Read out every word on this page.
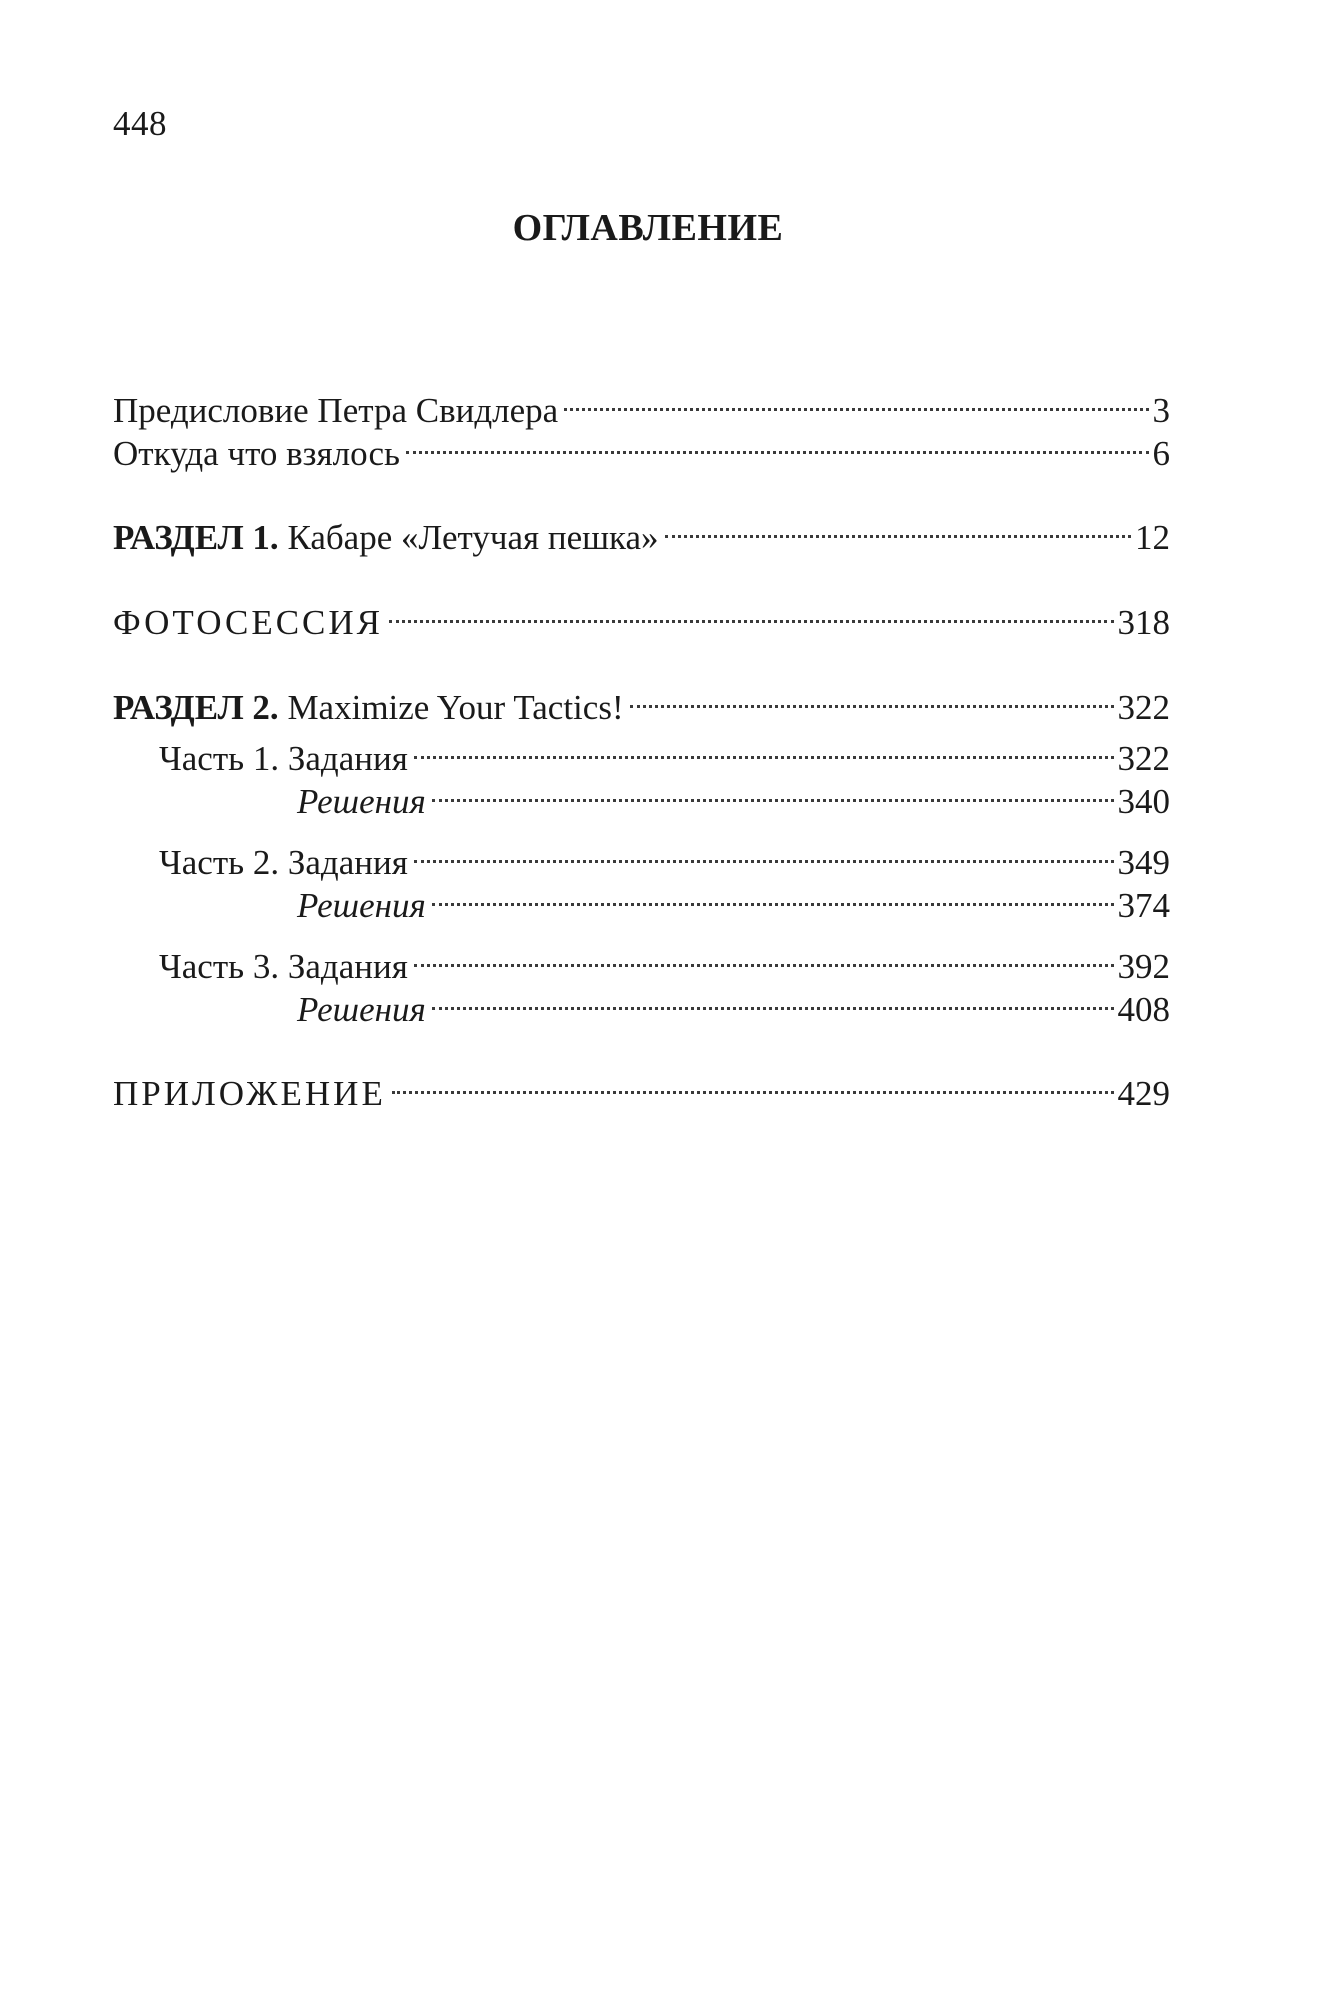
448
ОГЛАВЛЕНИЕ
Предисловие Петра Свидлера	3
Откуда что взялось	6
РАЗДЕЛ 1. Кабаре «Летучая пешка»	12
ФОТОСЕССИЯ	318
РАЗДЕЛ 2. Maximize Your Tactics!	322
Часть 1. Задания	322
Решения	340
Часть 2. Задания	349
Решения	374
Часть 3. Задания	392
Решения	408
ПРИЛОЖЕНИЕ	429
